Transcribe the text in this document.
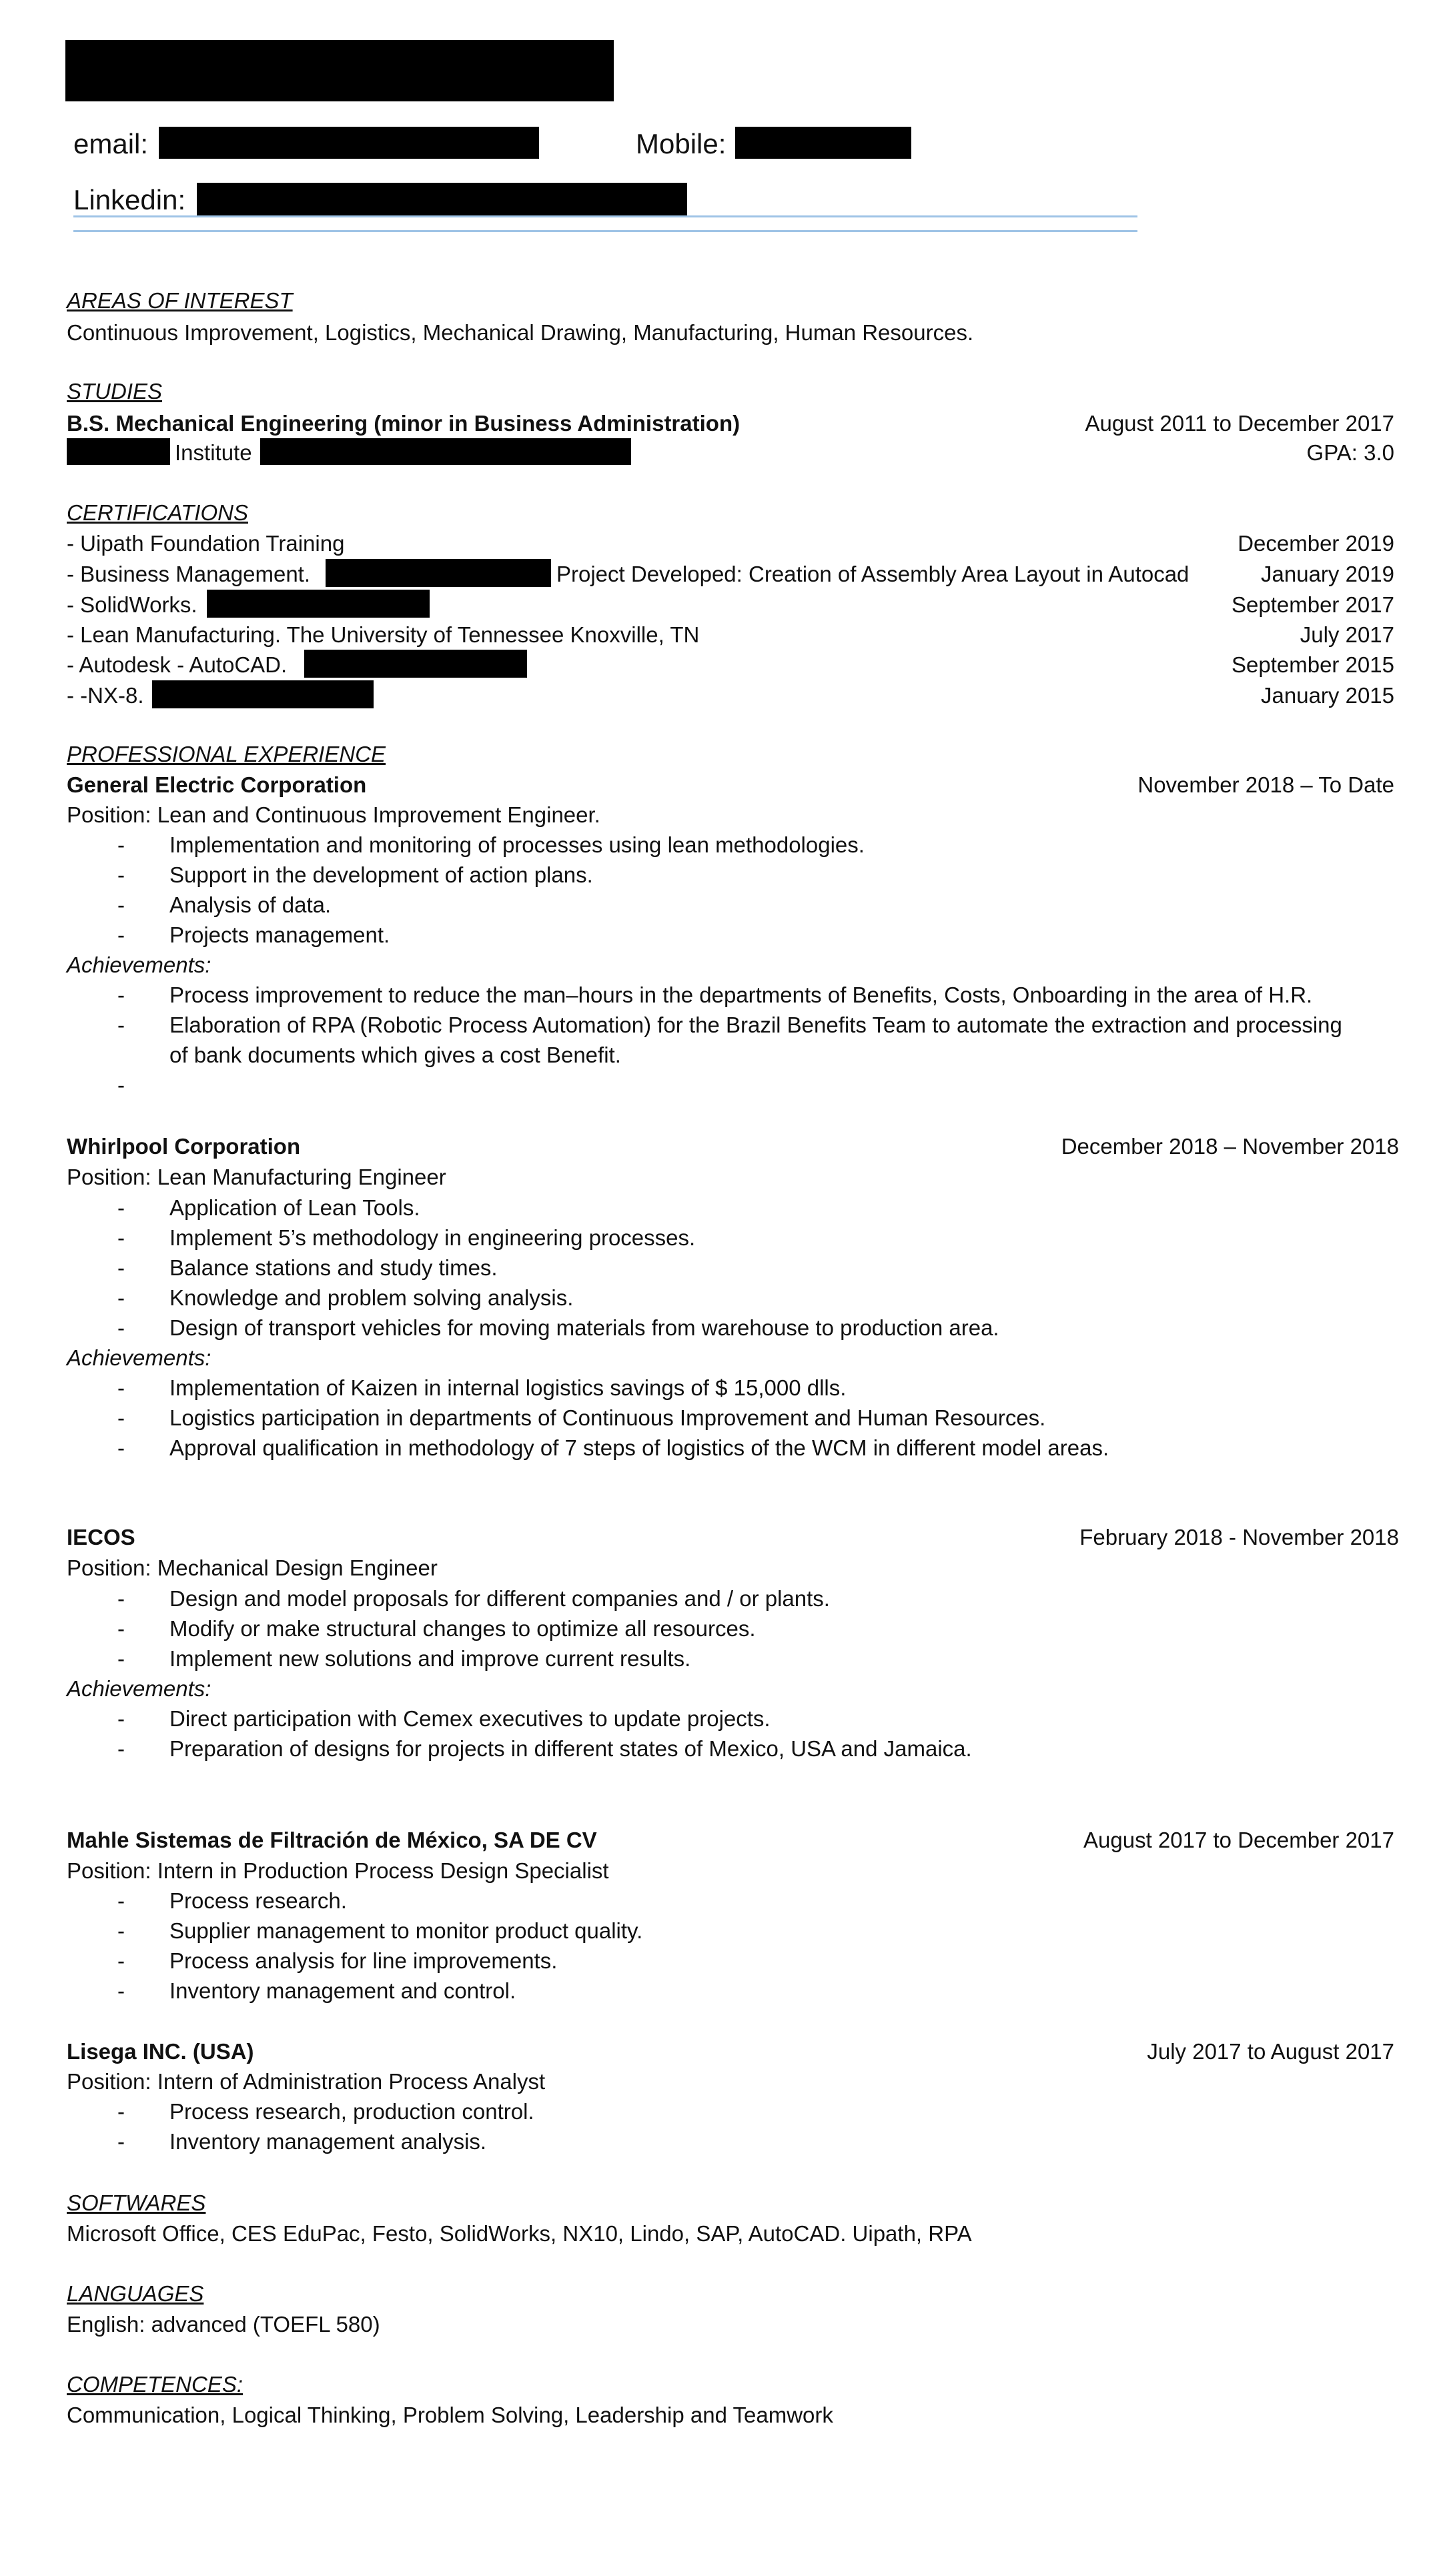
email:	Mobile:
Linkedin:
AREAS OF INTEREST
Continuous Improvement, Logistics, Mechanical Drawing, Manufacturing, Human Resources.
STUDIES
B.S. Mechanical Engineering (minor in Business Administration)	August 2011 to December 2017
Institute	GPA: 3.0
CERTIFICATIONS
- Uipath Foundation Training	December 2019
- Business Management.	Project Developed: Creation of Assembly Area Layout in Autocad	January 2019
- SolidWorks.	September 2017
- Lean Manufacturing. The University of Tennessee Knoxville, TN	July 2017
- Autodesk - AutoCAD.	September 2015
- -NX-8.	January 2015
PROFESSIONAL EXPERIENCE
General Electric Corporation	November 2018 – To Date
Position: Lean and Continuous Improvement Engineer.
- Implementation and monitoring of processes using lean methodologies.
- Support in the development of action plans.
- Analysis of data.
- Projects management.
Achievements:
- Process improvement to reduce the man–hours in the departments of Benefits, Costs, Onboarding in the area of H.R.
- Elaboration of RPA (Robotic Process Automation) for the Brazil Benefits Team to automate the extraction and processing
of bank documents which gives a cost Benefit.
-
Whirlpool Corporation	December 2018 – November 2018
Position: Lean Manufacturing Engineer
- Application of Lean Tools.
- Implement 5’s methodology in engineering processes.
- Balance stations and study times.
- Knowledge and problem solving analysis.
- Design of transport vehicles for moving materials from warehouse to production area.
Achievements:
- Implementation of Kaizen in internal logistics savings of $ 15,000 dlls.
- Logistics participation in departments of Continuous Improvement and Human Resources.
- Approval qualification in methodology of 7 steps of logistics of the WCM in different model areas.
IECOS	February 2018 - November 2018
Position: Mechanical Design Engineer
- Design and model proposals for different companies and / or plants.
- Modify or make structural changes to optimize all resources.
- Implement new solutions and improve current results.
Achievements:
- Direct participation with Cemex executives to update projects.
- Preparation of designs for projects in different states of Mexico, USA and Jamaica.
Mahle Sistemas de Filtración de México, SA DE CV	August 2017 to December 2017
Position: Intern in Production Process Design Specialist
- Process research.
- Supplier management to monitor product quality.
- Process analysis for line improvements.
- Inventory management and control.
Lisega INC. (USA)	July 2017 to August 2017
Position: Intern of Administration Process Analyst
- Process research, production control.
- Inventory management analysis.
SOFTWARES
Microsoft Office, CES EduPac, Festo, SolidWorks, NX10, Lindo, SAP, AutoCAD. Uipath, RPA
LANGUAGES
English: advanced (TOEFL 580)
COMPETENCES:
Communication, Logical Thinking, Problem Solving, Leadership and Teamwork
